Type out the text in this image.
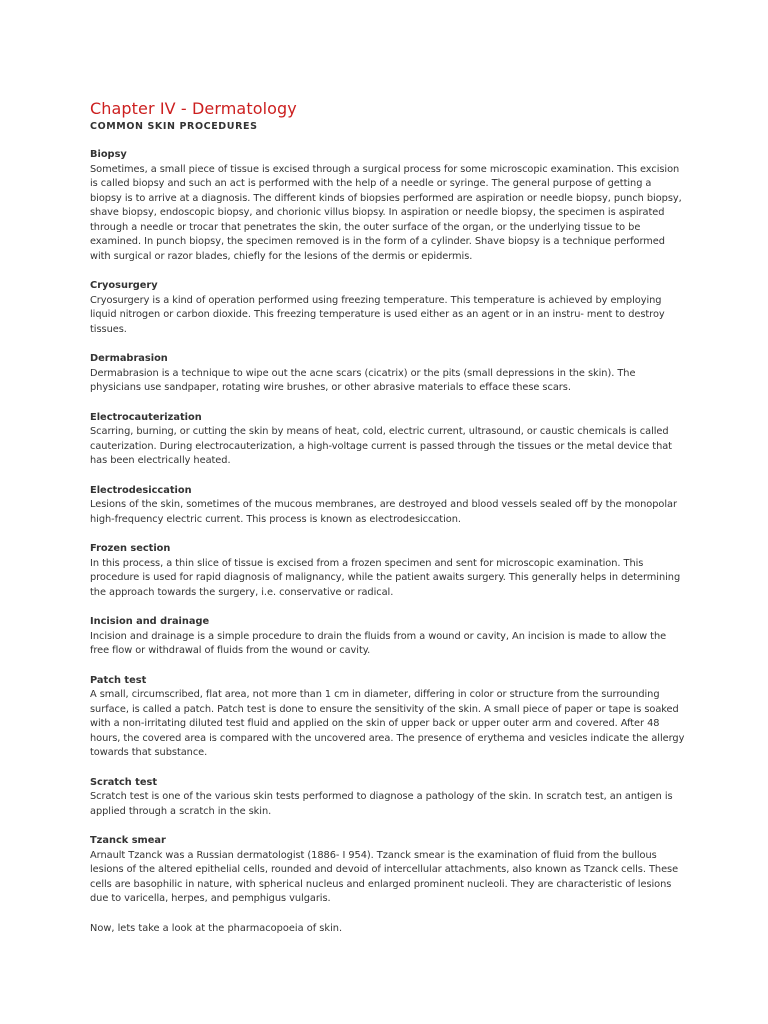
Chapter IV - Dermatology
COMMON SKIN PROCEDURES
Biopsy

Sometimes, a small piece of tissue is excised through a surgical process for some microscopic examination. This excision is called biopsy and such an act is performed with the help of a needle or syringe. The general purpose of getting a biopsy is to arrive at a diagnosis. The different kinds of biopsies performed are aspiration or needle biopsy, punch biopsy, shave biopsy, endoscopic biopsy, and chorionic villus biopsy. In aspiration or needle biopsy, the specimen is aspirated through a needle or trocar that penetrates the skin, the outer surface of the organ, or the underlying tissue to be examined. In punch biopsy, the specimen removed is in the form of a cylinder. Shave biopsy is a technique performed with surgical or razor blades, chiefly for the lesions of the dermis or epidermis.

Cryosurgery

Cryosurgery is a kind of operation performed using freezing temperature. This temperature is achieved by employing liquid nitrogen or carbon dioxide. This freezing temperature is used either as an agent or in an instru- ment to destroy tissues.

Dermabrasion

Dermabrasion is a technique to wipe out the acne scars (cicatrix) or the pits (small depressions in the skin). The physicians use sandpaper, rotating wire brushes, or other abrasive materials to efface these scars.

Electrocauterization

Scarring, burning, or cutting the skin by means of heat, cold, electric current, ultrasound, or caustic chemicals is called cauterization. During electrocauterization, a high-voltage current is passed through the tissues or the metal device that has been electrically heated.

Electrodesiccation

Lesions of the skin, sometimes of the mucous membranes, are destroyed and blood vessels sealed off by the monopolar high-frequency electric current. This process is known as electrodesiccation.

Frozen section

In this process, a thin slice of tissue is excised from a frozen specimen and sent for microscopic examination. This procedure is used for rapid diagnosis of malignancy, while the patient awaits surgery. This generally helps in determining the approach towards the surgery, i.e. conservative or radical.

Incision and drainage

Incision and drainage is a simple procedure to drain the fluids from a wound or cavity, An incision is made to allow the free flow or withdrawal of fluids from the wound or cavity.

Patch test

A small, circumscribed, flat area, not more than 1 cm in diameter, differing in color or structure from the surrounding surface, is called a patch. Patch test is done to ensure the sensitivity of the skin. A small piece of paper or tape is soaked with a non-irritating diluted test fluid and applied on the skin of upper back or upper outer arm and covered. After 48 hours, the covered area is compared with the uncovered area. The presence of erythema and vesicles indicate the allergy towards that substance.

Scratch test

Scratch test is one of the various skin tests performed to diagnose a pathology of the skin. In scratch test, an antigen is applied through a scratch in the skin.

Tzanck smear

Arnault Tzanck was a Russian dermatologist (1886- I 954). Tzanck smear is the examination of fluid from the bullous lesions of the altered epithelial cells, rounded and devoid of intercellular attachments, also known as Tzanck cells. These cells are basophilic in nature, with spherical nucleus and enlarged prominent nucleoli. They are characteristic of lesions due to varicella, herpes, and pemphigus vulgaris.

Now, lets take a look at the pharmacopoeia of skin.
